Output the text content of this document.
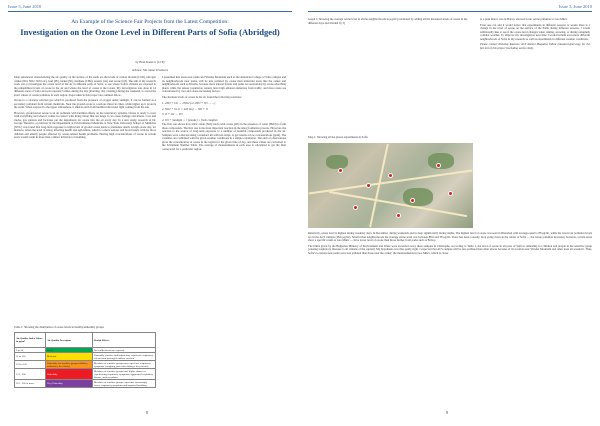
Issue 3, June 2010
An Example of the Science Fair Projects from the Latest Competition:
Investigation on the Ozone Level in Different Parts of Sofia (Abridged)
by Boni Kazarov (12 E)
Advisor: Ms. Dena Tzvetkova

Most substances characterizing the air quality on the surface of the earth are the levels of carbon dioxide (CO2), nitrogen oxides (NO, NO2, N2O etc), lead (Pb), nickel (Ni), methane (CH4), arsenic (As) and ozone (O3). The aim of my research work was to investigate the ozone level in the air in different parts of Sofia, to see where Sofia's citizens are exposed to the unhealthiest levels of ozone in the air and where the level of ozone is the lowest. My investigation was done in 14 different areas of Sofia and was repeated 3 times during the day (morning, day, evening) during the weekend, to reveal the exact values of ozone pollution in each region. Steps taken in this project are outlined below.

Ozone is a colorless odorless gas which is produced from the presence of oxygen under sunlight. It can be formed as a secondary pollutant from certain chemicals. Near the ground ozone is a serious threat in cities, while higher up it protects the earth. When exposed to the upper atmosphere, it shields earth from harmful ultraviolet light coming from the sun.

However, ground-level ozone is an air pollutant with harmful effects on the respiratory systems. Ozone is ready to react with everything and when it comes in contact with living tissue like our lungs it can cause damage and illness. Cars and trucks, gas stations and factories put the ingredients for ozone into the air every day. In a new study, research of Dr. George Thurston, a professor in the Department of Environmental Medicine at New York University School of Medicine (NYU) was found that long-term exposure to high levels of ground ozone leads to premature death. A high ozone day, for instance, raises the level of smog, affecting health and agriculture, which is a more serious and broad result, with far more children and elderly people affected by ozone-related health problems. Having high concentrations of ozone in certain areas would result in more than a minor irritation to breathing.

I presumed that areas near parks and Vitosha Mountain such as the American College of Sofia campus and its neighborhoods near parks, will be less polluted by ozone than industrial areas like the center and neighborhoods such as Druzba, because more natural forests and parks are surrounded by ozone-absorbing plants while the denser population centers have high exhaust emissions from traffic, and more areas are concentrated by cars and ozone-increasing factors.

The absolute levels of ozone in the air found the following reactions:

1. 2NO + O2 → 2NO2 (or 2NO + O3 → ...)
2. NO2 + hν (λ < 420 nm) → NO + O
3. O + O2 → O3
4. O3 + Sunlight = ? (smoke) = fresh complex

The first one shows how nitric oxide (NO) reacts with ozone (O3) in the presence of water (H2O) to form three compounds. The first one is the most important reaction in the smog formation process. However, the reaction is the source of long-term exposure to a number of harmful compounds produced in the air. Samples were collected using a standard kit with test strips, to get results at low concentrations (ppm). The variables are combined with the given weather conditions in a simple calculation. The sum of observations gives the concentration of ozone in the region for the given time of day, and these values are converted to the Schönbein Number Table. The average of measurements in each area is calculated to get the final ozone level for a particular region.

Table 1: Showing the distribution of ozone levels in healthy/unhealthy groups
Air Quality Index Values in µg/m³	Air Quality Descriptor	Health Effects
0 to 50	Good	No health effects are expected
51 to 100	Moderate	Unusually sensitive individuals may experience respiratory effects from prolonged outdoor exertion
101 to 150	Unhealthy for sensitive groups (children, asthmatics, the elderly)	Members of sensitive groups may experience respiratory symptoms (coughing, pain when taking a deep breath)
151 - 200	Unhealthy	Members of sensitive groups have higher chance of experiencing respiratory symptoms; aggravated respiratory disease, such as asthma
201 - 300 or more	Very Unhealthy	Members of sensitive groups experience increasingly severe respiratory symptoms and impaired breathing
8
Issue 3, June 2010
Graph 1: Showing the average ozone level in all the neighborhoods in µg/m³ (calculated by adding all the measured levels of ozone in the different days and divided by 3)

to a park than it was in Boboy, showed lower ozone pollution to Geo Milev.

Even one can add it would notice that experiments in different seasons or weeks there is a change in the level of ozone on the surface of the Earth during different seasons. I would additionally like to see if the ozone level changes when raining, snowing, or during extremely cold/hot weather. To improve my investigation next time I would include even more different neighborhoods of Sofia in my research as well as experiments in different weather conditions.

Please contact Nickolay Kazarov, ACS Alumni Magazine Editor (nkazarov@acs.bg), for the full text of this project (including works cited).

Map 1: Showing all the places experiments in Sofia

Relatively, ozone level is highest during weekday days. In December, during weekends and in deep significantly during nights. The highest level of ozone was seen in Dianabad with average equal to 88 µg/m³, while the lowest air pollution levels are in the ACS campus (38.6 µg/m³). Small urban neighborhoods the average ozone level was between 88.6 and 38 µg/m³. There has been a steady, drop going down in the center of Sofia — the ozone pollution increases; however, certain areas show a specific result as Geo Milev — have lower level of ozone than those further from parks such as Boboy.

The limits given by the Bulgarian Ministry of Environment and Water were exceeded every three samples in Christophe. According to Table 1, the level of ozone in all parts of Sofia is unhealthy for children and people in the sensitive group (causing respiratory diseases to all citizens of the capital). My hypothesis was thus partly right. I expected that ACS campus will be less polluted than other places because of its location near Vitosha Mountain and other trees all around it. Thus, Sofia's locations near parks were less polluted than those near the center; the measurements in Geo Milev, which is closer

9
